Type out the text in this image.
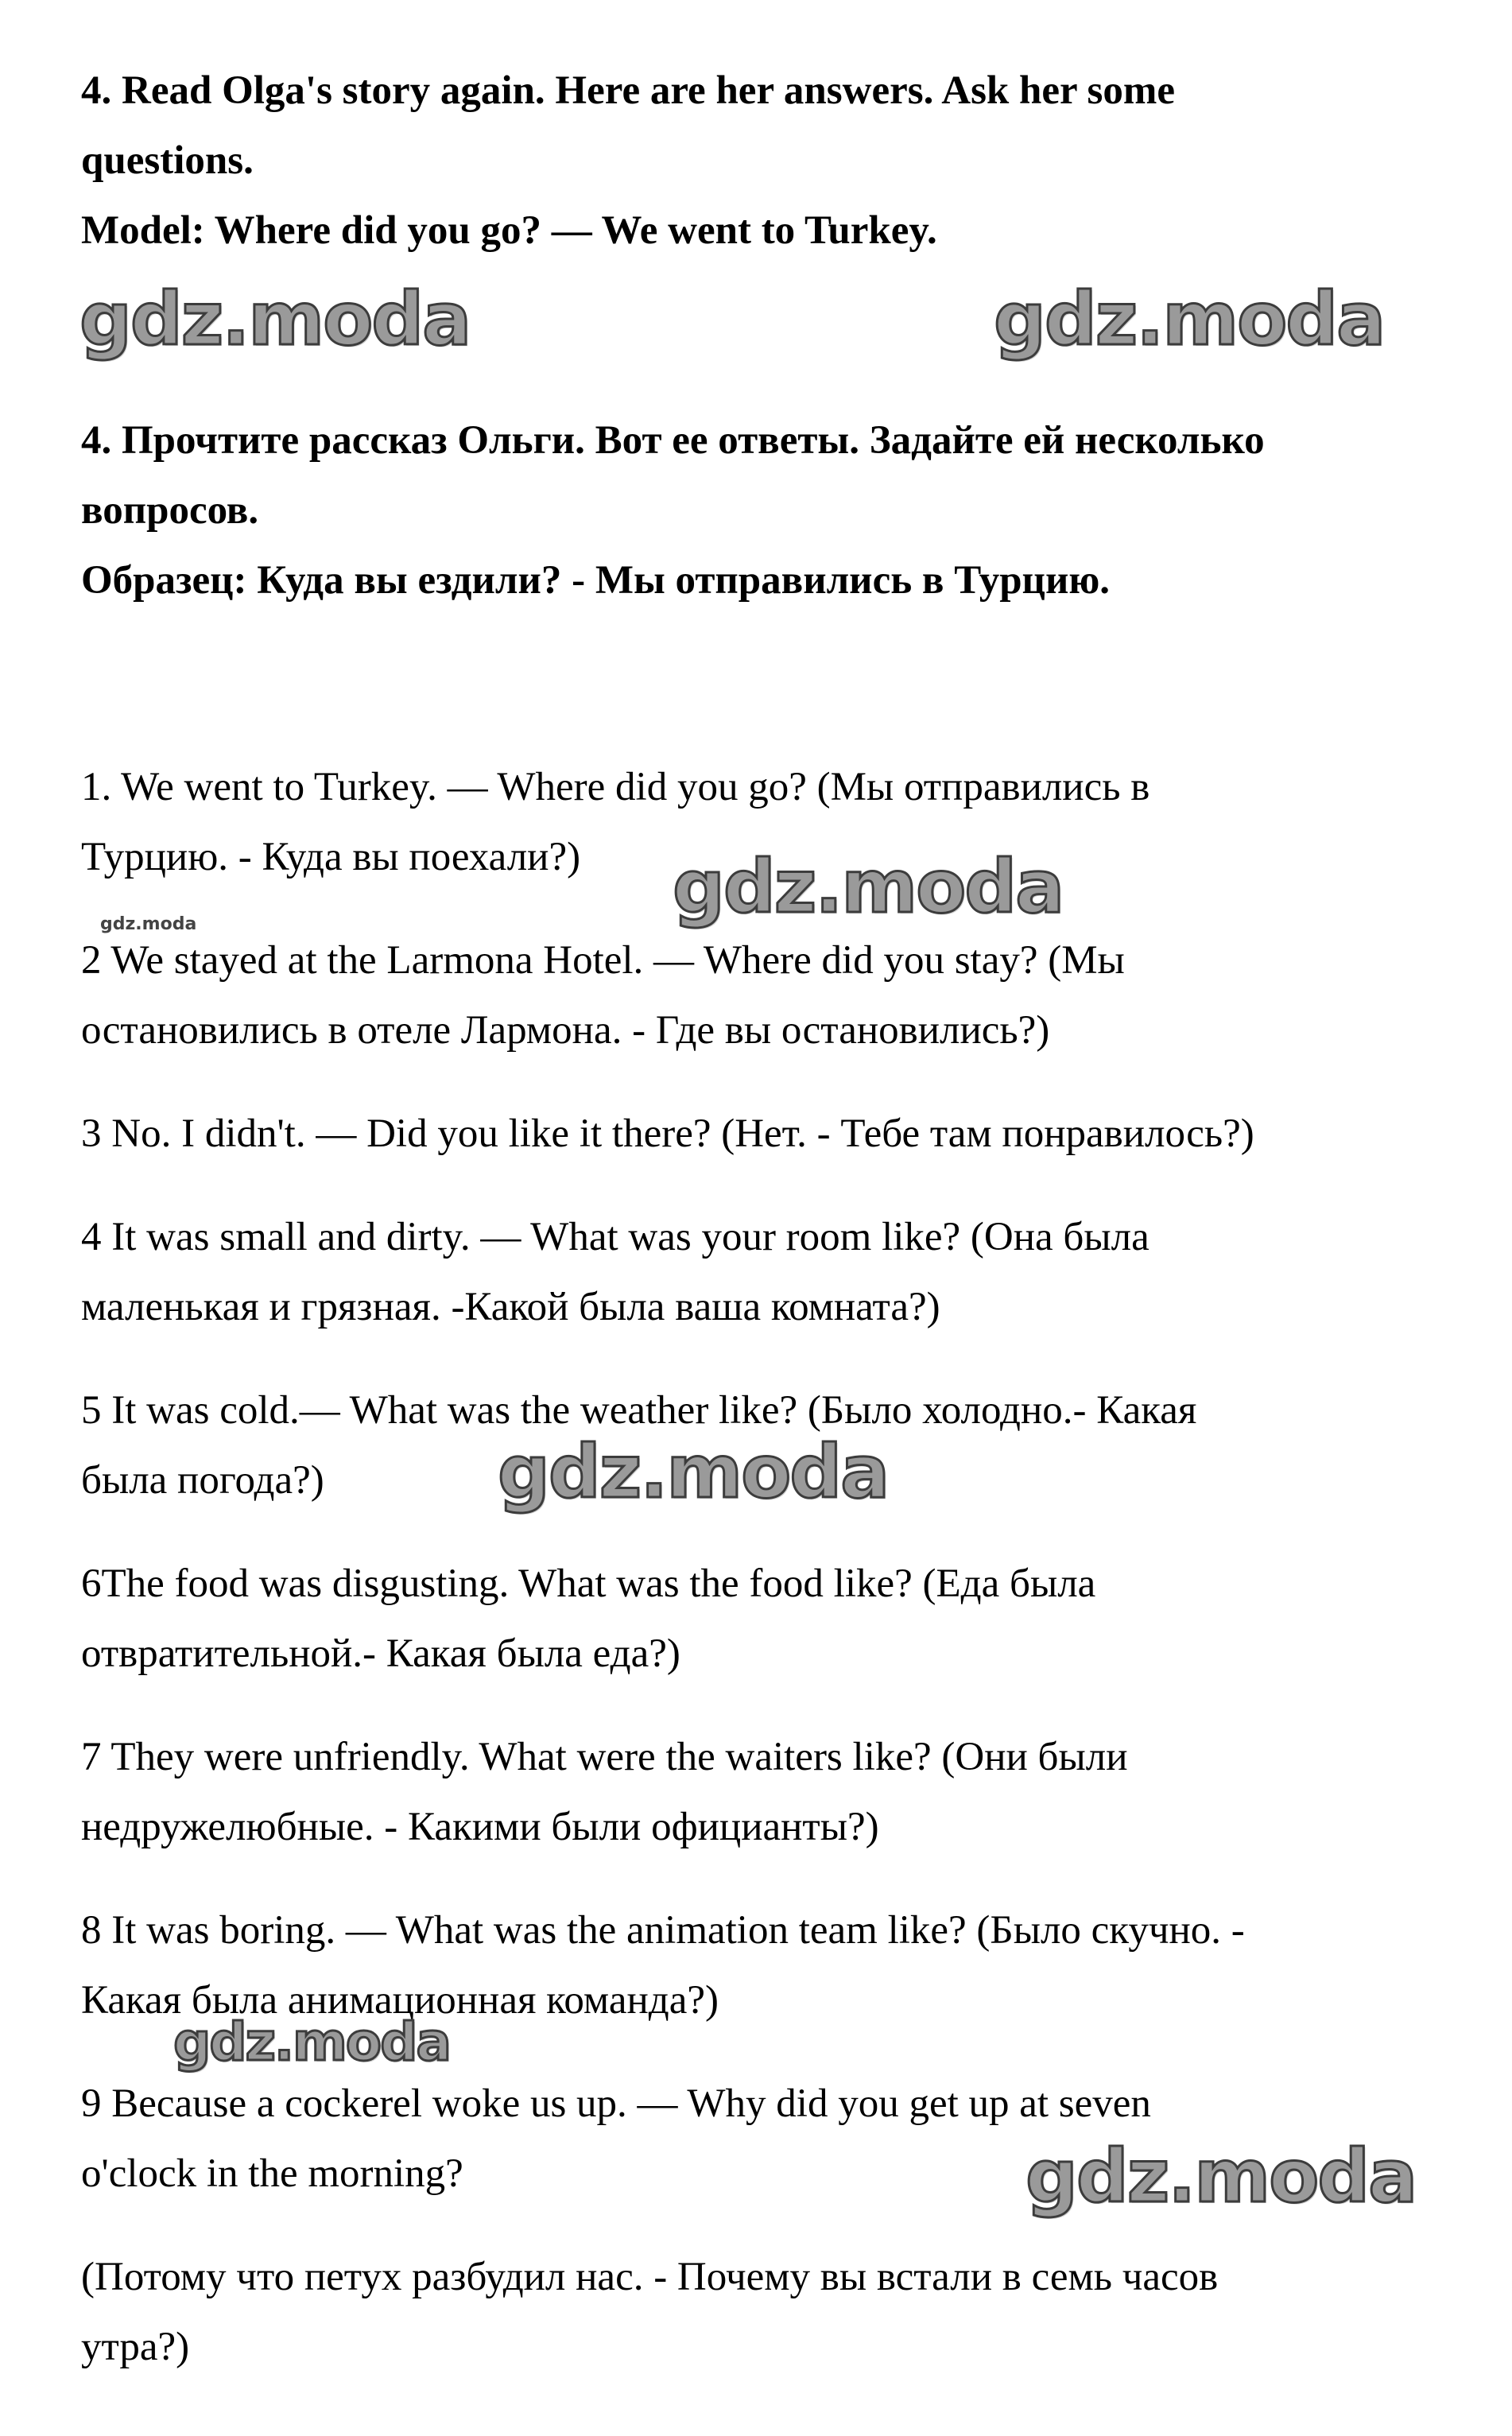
4. Read Olga's story again. Here are her answers. Ask her some

questions.

Model: Where did you go? — We went to Turkey.

4. Прочтите рассказ Ольги. Вот ее ответы. Задайте ей несколько

вопросов.

Образец: Куда вы ездили? - Мы отправились в Турцию.

1. We went to Turkey. — Where did you go? (Мы отправились в
Турцию. - Куда вы поехали?)

2 We stayed at the Larmona Hotel. — Where did you stay? (Мы
остановились в отеле Лармона. - Где вы остановились?)

3 No. I didn't. — Did you like it there? (Нет. - Тебе там понравилось?)

4 It was small and dirty. — What was your room like? (Она была
маленькая и грязная. -Какой была ваша комната?)

5 It was cold.— What was the weather like? (Было холодно.- Какая
была погода?)

6The food was disgusting. What was the food like? (Еда была
отвратительной.- Какая была еда?)

7 They were unfriendly. What were the waiters like? (Они были
недружелюбные. - Какими были официанты?)

8 It was boring. — What was the animation team like? (Было скучно. -
Какая была анимационная команда?)

9 Because a cockerel woke us up. — Why did you get up at seven
o'clock in the morning?

(Потому что петух разбудил нас. - Почему вы встали в семь часов
утра?)

gdz.moda	gdz.moda
gdz.moda
gdz.moda
gdz.moda
gdz.moda
gdz.moda
